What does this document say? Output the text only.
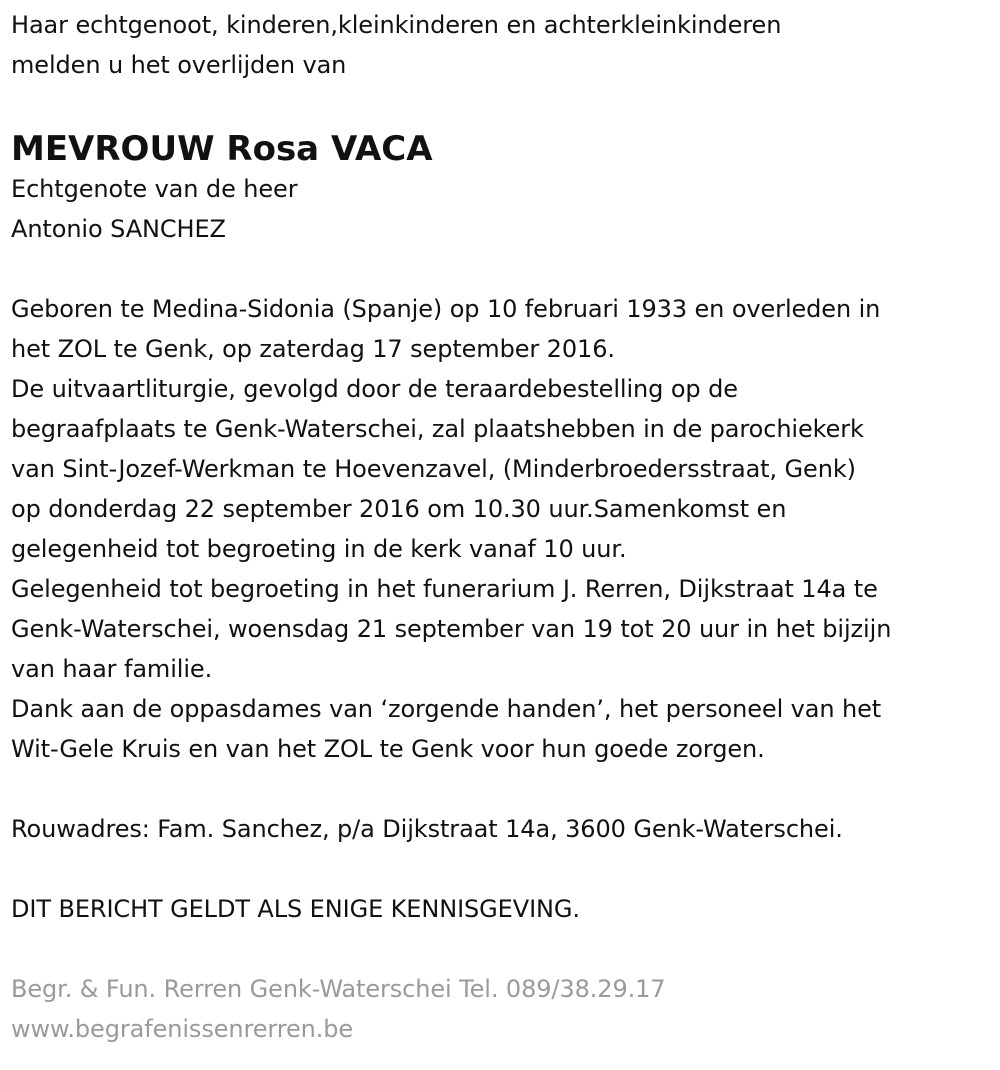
Haar echtgenoot, kinderen,kleinkinderen en achterkleinkinderen
melden u het overlijden van
MEVROUW Rosa VACA
Echtgenote van de heer
Antonio SANCHEZ
Geboren te Medina-Sidonia (Spanje) op 10 februari 1933 en overleden in
het ZOL te Genk, op zaterdag 17 september 2016.
De uitvaartliturgie, gevolgd door de teraardebestelling op de
begraafplaats te Genk-Waterschei, zal plaatshebben in de parochiekerk
van Sint-Jozef-Werkman te Hoevenzavel, (Minderbroedersstraat, Genk)
op donderdag 22 september 2016 om 10.30 uur.Samenkomst en
gelegenheid tot begroeting in de kerk vanaf 10 uur.
Gelegenheid tot begroeting in het funerarium J. Rerren, Dijkstraat 14a te
Genk-Waterschei, woensdag 21 september van 19 tot 20 uur in het bijzijn
van haar familie.
Dank aan de oppasdames van ‘zorgende handen’, het personeel van het
Wit-Gele Kruis en van het ZOL te Genk voor hun goede zorgen.
Rouwadres: Fam. Sanchez, p/a Dijkstraat 14a, 3600 Genk-Waterschei.
DIT BERICHT GELDT ALS ENIGE KENNISGEVING.
Begr. & Fun. Rerren Genk-Waterschei Tel. 089/38.29.17
www.begrafenissenrerren.be
